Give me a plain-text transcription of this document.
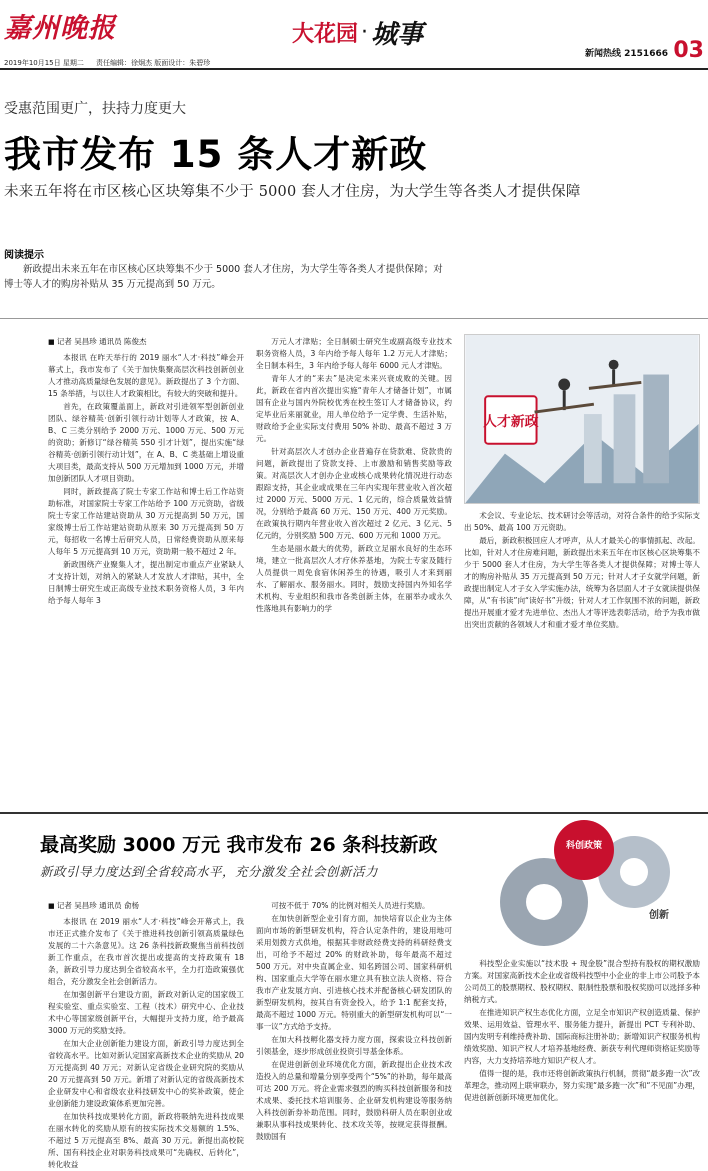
嘉州晚报	大花园 · 城事
新闻热线 2151666 03
2019年10月15日 星期二 责任编辑：徐炯杰 版面设计：朱碧珍
受惠范围更广，扶持力度更大
我市发布 15 条人才新政
未来五年将在市区核心区块筹集不少于 5000 套人才住房，为大学生等各类人才提供保障
阅读提示
新政提出未来五年在市区核心区块筹集不少于 5000 套人才住房，为大学生等各类人才提供保障；对博士等人才的购房补贴从 35 万元提高到 50 万元。
■ 记者 吴昌珍 通讯员 陈俊杰

本报讯 在昨天举行的 2019 丽水“人才·科技”峰会开幕式上，我市发布了《关于加快集聚高层次科技创新创业人才推动高质量绿色发展的意见》。新政提出了 3 个方面、15 条举措，与以往人才政策相比，有较大的突破和提升。

首先，在政策覆盖面上，新政对引进领军型创新创业团队、绿谷精英·创新引领行动计划等人才政策，按 A、B、C 三类分别给予 2000 万元、1000 万元、500 万元的资助；新修订“绿谷精英 550 引才计划”，提出实施“绿谷精英·创新引领行动计划”，在 A、B、C 类基础上增设重大项目类，最高支持从 500 万元增加到 1000 万元，并增加创新团队人才项目资助。

同时，新政提高了院士专家工作站和博士后工作站资助标准，对国家院士专家工作站给予 100 万元资助，省级院士专家工作站建站资助从 30 万元提高到 50 万元，国家级博士后工作站建站资助从原来 30 万元提高到 50 万元，每招收一名博士后研究人员，日常经费资助从原来每人每年 5 万元提高到 10 万元，资助期一般不超过 2 年。

新政围绕产业聚集人才，提出制定市重点产业紧缺人才支持计划，对纳入的紧缺人才发放人才津贴，其中，全日制博士研究生或正高级专业技术职务资格人员，3 年内给予每人每年 3

万元人才津贴；全日制硕士研究生或副高级专业技术职务资格人员，3 年内给予每人每年 1.2 万元人才津贴；全日制本科生，3 年内给予每人每年 6000 元人才津贴。

青年人才的“来去”是决定未来兴衰成败的关键。因此，新政在省内首次提出实施“青年人才储备计划”，市属国有企业与国内外院校优秀在校生签订人才储备协议，约定毕业后来丽就业，用人单位给予一定学费、生活补贴，财政给予企业实际支付费用 50% 补助、最高不超过 3 万元。

针对高层次人才创办企业普遍存在贷款难、贷款贵的问题，新政提出了贷款支持、上市激励和销售奖励等政策。对高层次人才创办企业或核心成果转化情况进行动态跟踪支持，其企业或成果在三年内实现年营业收入首次超过 2000 万元、5000 万元、1 亿元的，综合质量效益情况，分别给予最高 60 万元、150 万元、400 万元奖励。在政策执行期内年营业收入首次超过 2 亿元、3 亿元、5 亿元的，分别奖励 500 万元、600 万元和 1000 万元。

生态是丽水最大的优势，新政立足丽水良好的生态环境，建立一批高层次人才疗休养基地，为院士专家及随行人员提供一周免食宿休闲养生的待遇，吸引人才来到丽水、了解丽水、服务丽水。同时，鼓励支持国内外知名学术机构、专业组织和我市各类创新主体，在丽举办或永久性落地具有影响力的学

术会议、专业论坛、技术研讨会等活动，对符合条件的给予实际支出 50%、最高 100 万元资助。

最后，新政积极回应人才呼声，从人才最关心的事情抓起、改起。比如，针对人才住房难问题，新政提出未来五年在市区核心区块筹集不少于 5000 套人才住房，为大学生等各类人才提供保障；对博士等人才的购房补贴从 35 万元提高到 50 万元；针对人才子女就学问题，新政提出制定人才子女入学实施办法，统筹为各层面人才子女就读提供保障，从“有书读”向“读好书”升级；针对人才工作氛围不浓的问题，新政提出开展重才爱才先进单位、杰出人才等评选表彰活动，给予为我市做出突出贡献的各领域人才和重才爱才单位奖励。

人才新政
最高奖励 3000 万元 我市发布 26 条科技新政
新政引导力度达到全省较高水平，充分激发全社会创新活力
科创政策
创新
■ 记者 吴昌珍 通讯员 俞杨

本报讯 在 2019 丽水“人才·科技”峰会开幕式上，我市还正式推介发布了《关于推进科技创新引领高质量绿色发展的二十六条意见》。这 26 条科技新政聚焦当前科技创新工作重点，在我市首次提出或提高的支持政策有 18 条，新政引导力度达到全省较高水平，全力打造政策强优组合，充分激发全社会创新活力。

在加强创新平台建设方面，新政对新认定的国家级工程实验室、重点实验室、工程（技术）研究中心、企业技术中心等国家级创新平台，大幅提升支持力度，给予最高 3000 万元的奖励支持。

在加大企业创新能力建设方面，新政引导力度达到全省较高水平。比如对新认定国家高新技术企业的奖励从 20 万元提高到 40 万元；对新认定省级企业研究院的奖励从 20 万元提高到 50 万元。新增了对新认定的省级高新技术企业研发中心和省级农业科技研发中心的奖补政策，使企业创新能力建设政策体系更加完善。

在加快科技成果转化方面，新政将吸纳先进科技成果在丽水转化的奖励从原有的按实际技术交易额的 1.5%、不超过 5 万元提高至 8%、最高 30 万元。新提出高校院所、国有科技企业对职务科技成果可“先确权、后转化”，转化收益

可按不低于 70% 的比例对相关人员进行奖励。

在加快创新型企业引育方面，加快培育以企业为主体面向市场的新型研发机构，符合认定条件的，建设用地可采用划拨方式供地，根据其非财政经费支持的科研经费支出，可给予不超过 20% 的财政补助，每年最高不超过 500 万元。对中央直属企业、知名跨国公司、国家科研机构、国家重点大学等在丽水建立具有独立法人资格、符合我市产业发展方向、引进核心技术并配备核心研发团队的新型研发机构，按其自有资金投入，给予 1:1 配套支持，最高不超过 1000 万元。特别重大的新型研发机构可以“一事一议”方式给予支持。

在加大科技孵化器支持力度方面，探索设立科技创新引领基金，逐步形成创业投资引导基金体系。

在促进创新创业环境优化方面，新政提出企业技术改造投入的总量和增量分别享受两个“5%”的补助，每年最高可达 200 万元。将企业需求强烈的购买科技创新服务和技术成果、委托技术培训服务、企业研发机构建设等服务纳入科技创新券补助范围。同时，鼓励科研人员在职创业或兼职从事科技成果转化、技术攻关等，按规定获得报酬。鼓励国有

科技型企业实施以“技术股 + 现金股”混合型持有股权的期权激励方案。对国家高新技术企业或省级科技型中小企业的非上市公司股予本公司员工的股票期权、股权期权、限制性股票和股权奖励可以选择多种纳税方式。

在推进知识产权生态优化方面，立足全市知识产权创造质量、保护效果、运用效益、管理水平、服务能力提升，新提出 PCT 专利补助、国内发明专利维持费补助、国际商标注册补助；新增知识产权服务机构绩效奖励、知识产权人才培养基地经费、新获专利代理师资格证奖励等内容，大力支持培养地方知识产权人才。

值得一提的是，我市还将创新政策执行机制，贯彻“最多跑一次”改革理念，推动网上联审联办，努力实现“最多跑一次”和“不见面”办理，促进创新创新环境更加优化。
